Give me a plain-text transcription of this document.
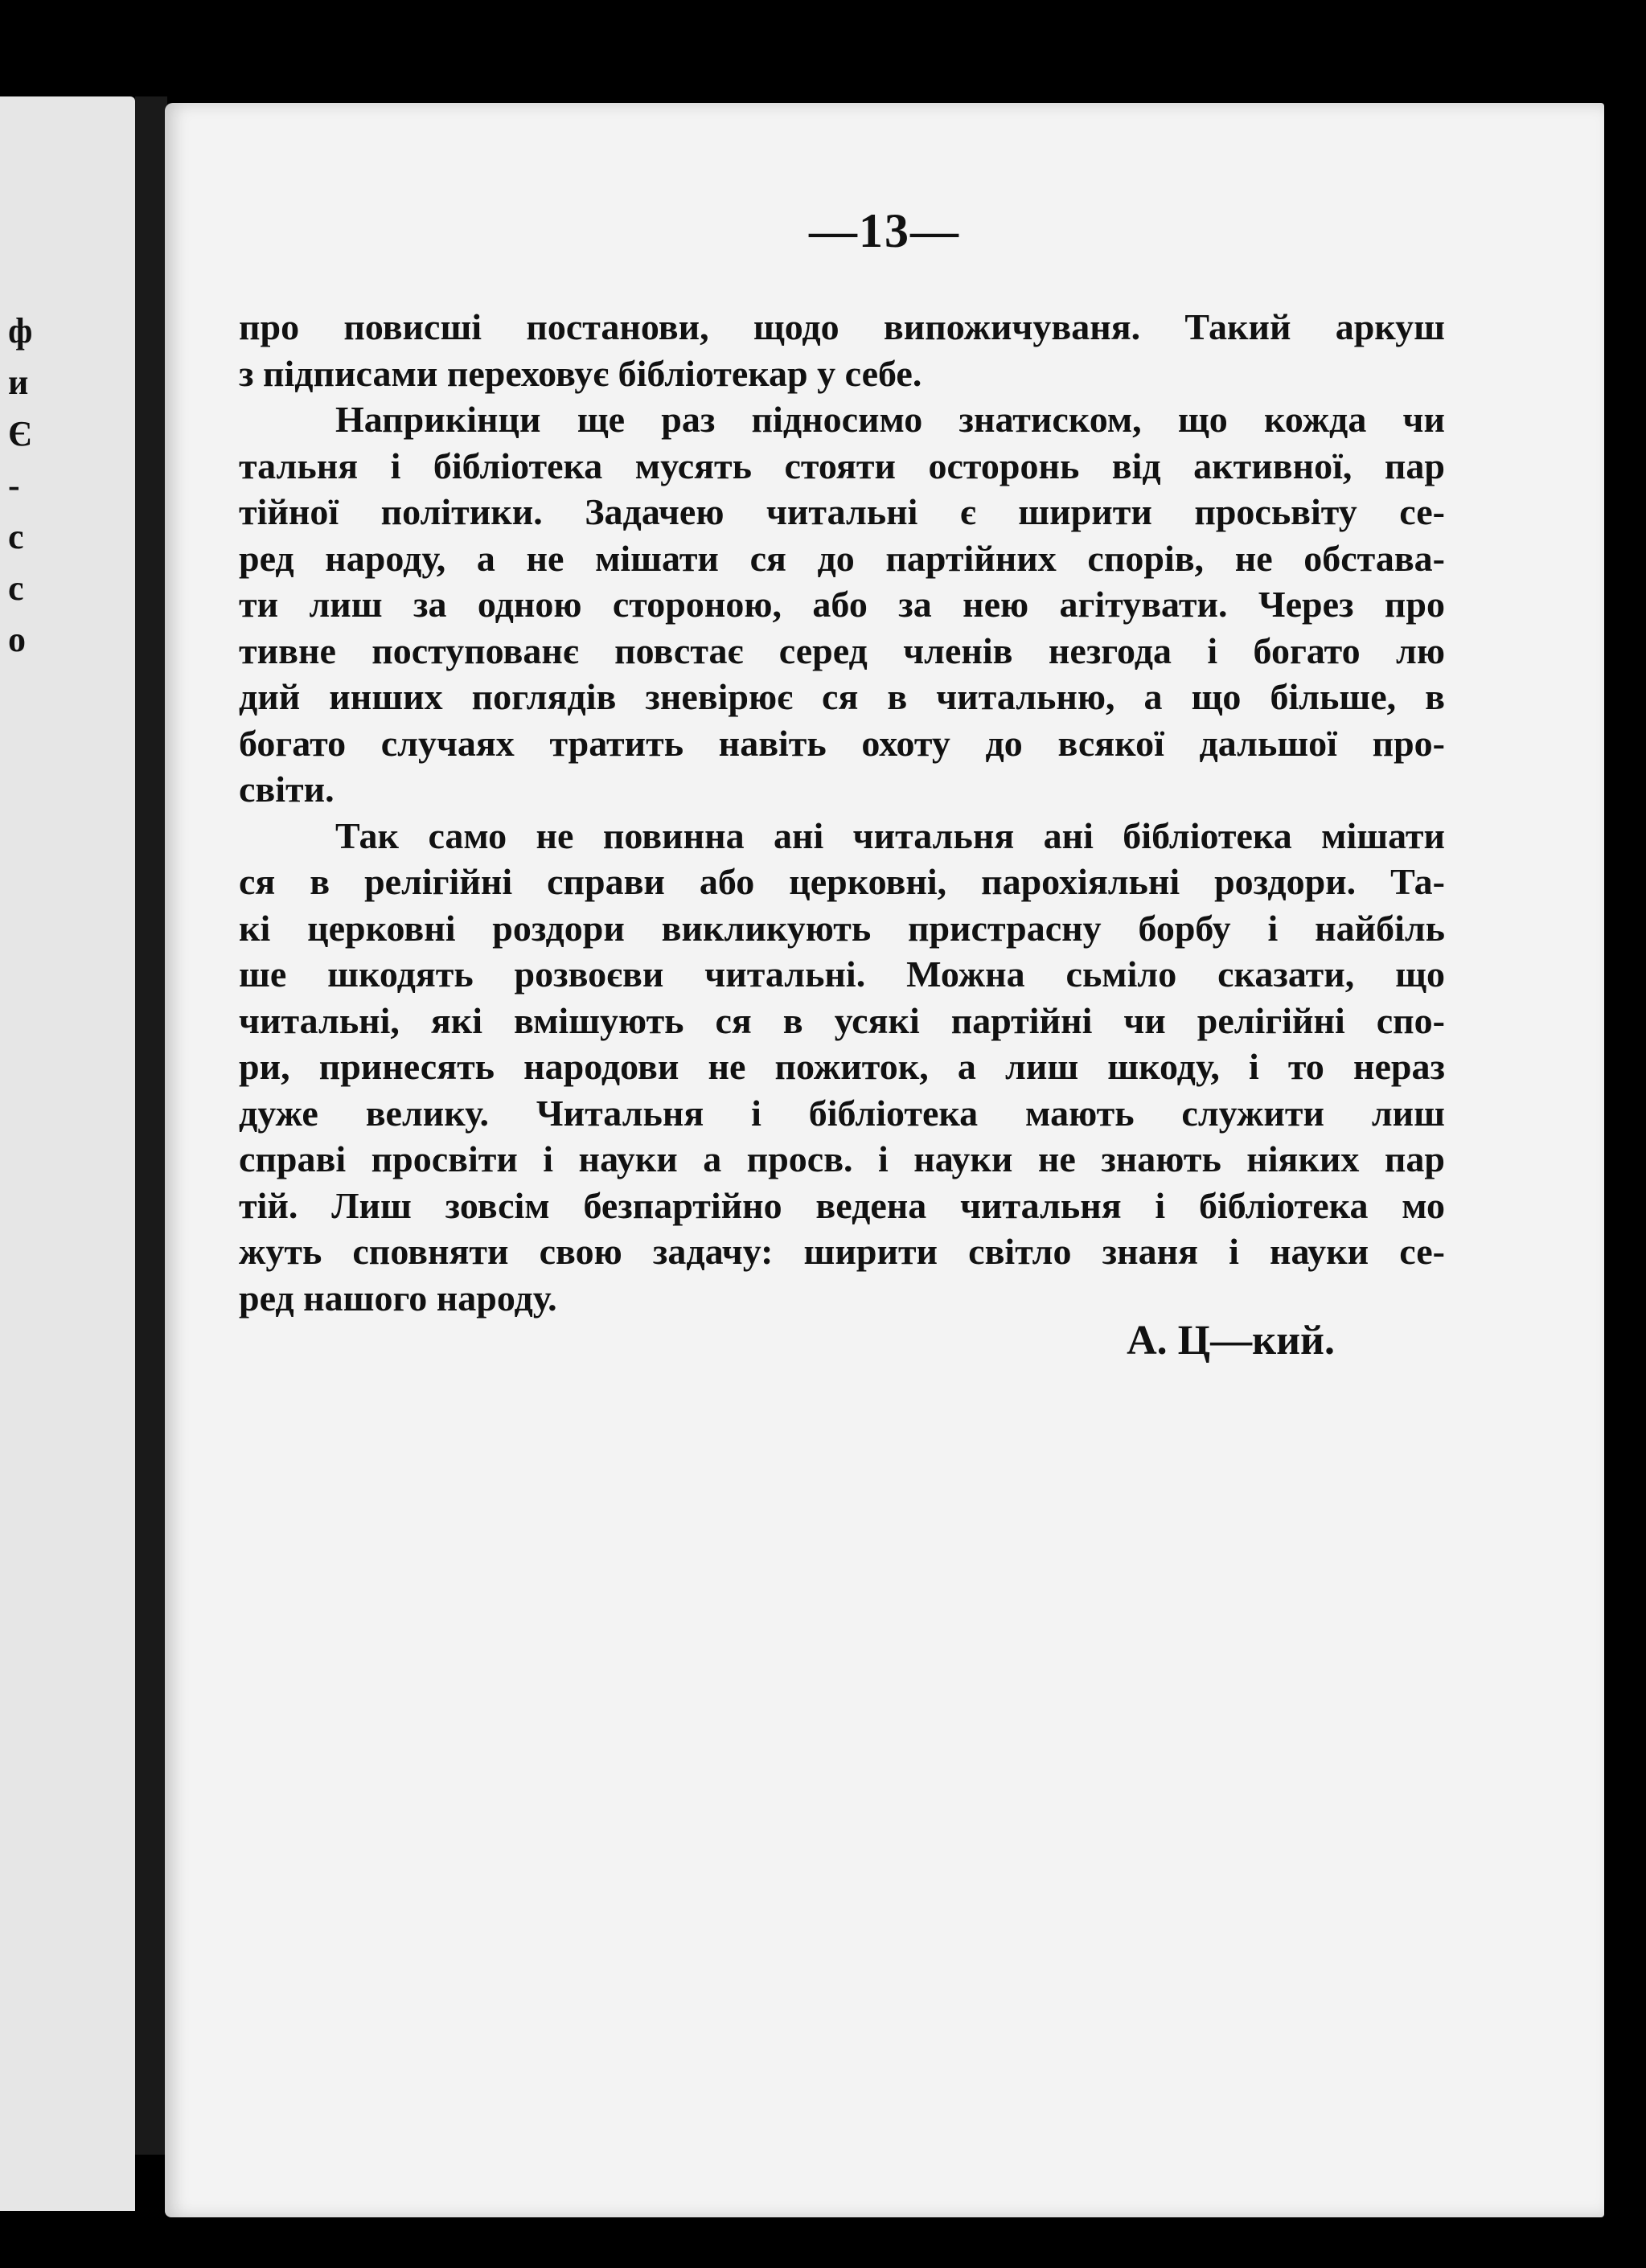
ф
и
Є
-
с
с
о
—13—
про повисші постанови, щодо випожичуваня. Такий аркуш
з підписами переховує бібліотекар у себе.
Наприкінци ще раз підносимо знатиском, що кожда чи
тальня і бібліотека мусять стояти осторонь від активної, пар
тійної політики. Задачею читальні є ширити просьвіту се-
ред народу, а не мішати ся до партійних спорів, не обстава-
ти лиш за одною стороною, або за нею агітувати. Через про
тивне поступованє повстає серед членів незгода і богато лю
дий инших поглядів зневірює ся в читальню, а що більше, в
богато случаях тратить навіть охоту до всякої дальшої про-
світи.
Так само не повинна ані читальня ані бібліотека мішати
ся в релігійні справи або церковні, парохіяльні роздори. Та-
кі церковні роздори викликують пристрасну борбу і найбіль
ше шкодять розвоєви читальні. Можна сьміло сказати, що
читальні, які вмішують ся в усякі партійні чи релігійні спо-
ри, принесять народови не пожиток, а лиш шкоду, і то нераз
дуже велику. Читальня і бібліотека мають служити лиш
справі просвіти і науки а просв. і науки не знають ніяких пар
тій. Лиш зовсім безпартійно ведена читальня і бібліотека мо
жуть сповняти свою задачу: ширити світло знаня і науки се-
ред нашого народу.
А. Ц—кий.
